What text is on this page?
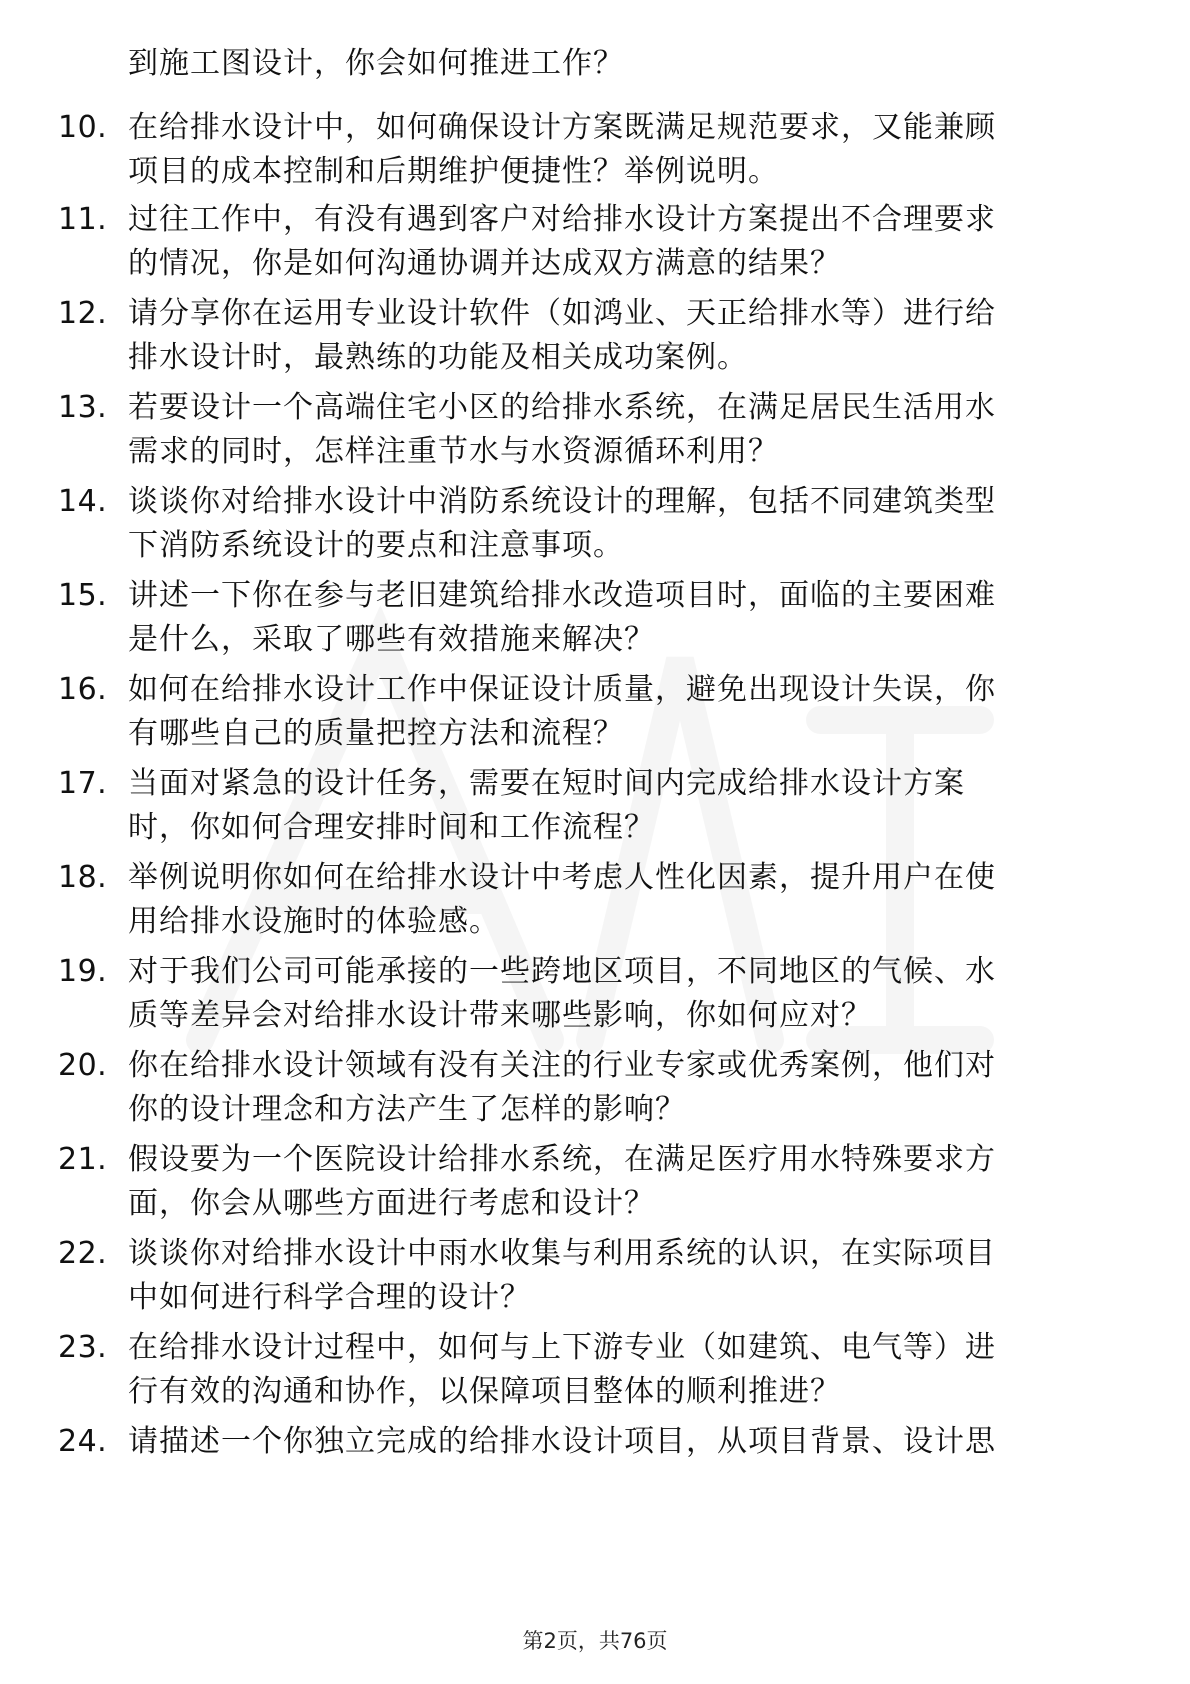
到施工图设计，你会如何推进工作？
10. 在给排水设计中，如何确保设计方案既满足规范要求，又能兼顾
项目的成本控制和后期维护便捷性？举例说明。
11. 过往工作中，有没有遇到客户对给排水设计方案提出不合理要求
的情况，你是如何沟通协调并达成双方满意的结果？
12. 请分享你在运用专业设计软件（如鸿业、天正给排水等）进行给
排水设计时，最熟练的功能及相关成功案例。
13. 若要设计一个高端住宅小区的给排水系统，在满足居民生活用水
需求的同时，怎样注重节水与水资源循环利用？
14. 谈谈你对给排水设计中消防系统设计的理解，包括不同建筑类型
下消防系统设计的要点和注意事项。
15. 讲述一下你在参与老旧建筑给排水改造项目时，面临的主要困难
是什么，采取了哪些有效措施来解决？
16. 如何在给排水设计工作中保证设计质量，避免出现设计失误，你
有哪些自己的质量把控方法和流程？
17. 当面对紧急的设计任务，需要在短时间内完成给排水设计方案
时，你如何合理安排时间和工作流程？
18. 举例说明你如何在给排水设计中考虑人性化因素，提升用户在使
用给排水设施时的体验感。
19. 对于我们公司可能承接的一些跨地区项目，不同地区的气候、水
质等差异会对给排水设计带来哪些影响，你如何应对？
20. 你在给排水设计领域有没有关注的行业专家或优秀案例，他们对
你的设计理念和方法产生了怎样的影响？
21. 假设要为一个医院设计给排水系统，在满足医疗用水特殊要求方
面，你会从哪些方面进行考虑和设计？
22. 谈谈你对给排水设计中雨水收集与利用系统的认识，在实际项目
中如何进行科学合理的设计？
23. 在给排水设计过程中，如何与上下游专业（如建筑、电气等）进
行有效的沟通和协作，以保障项目整体的顺利推进？
24. 请描述一个你独立完成的给排水设计项目，从项目背景、设计思
第2页，共76页
